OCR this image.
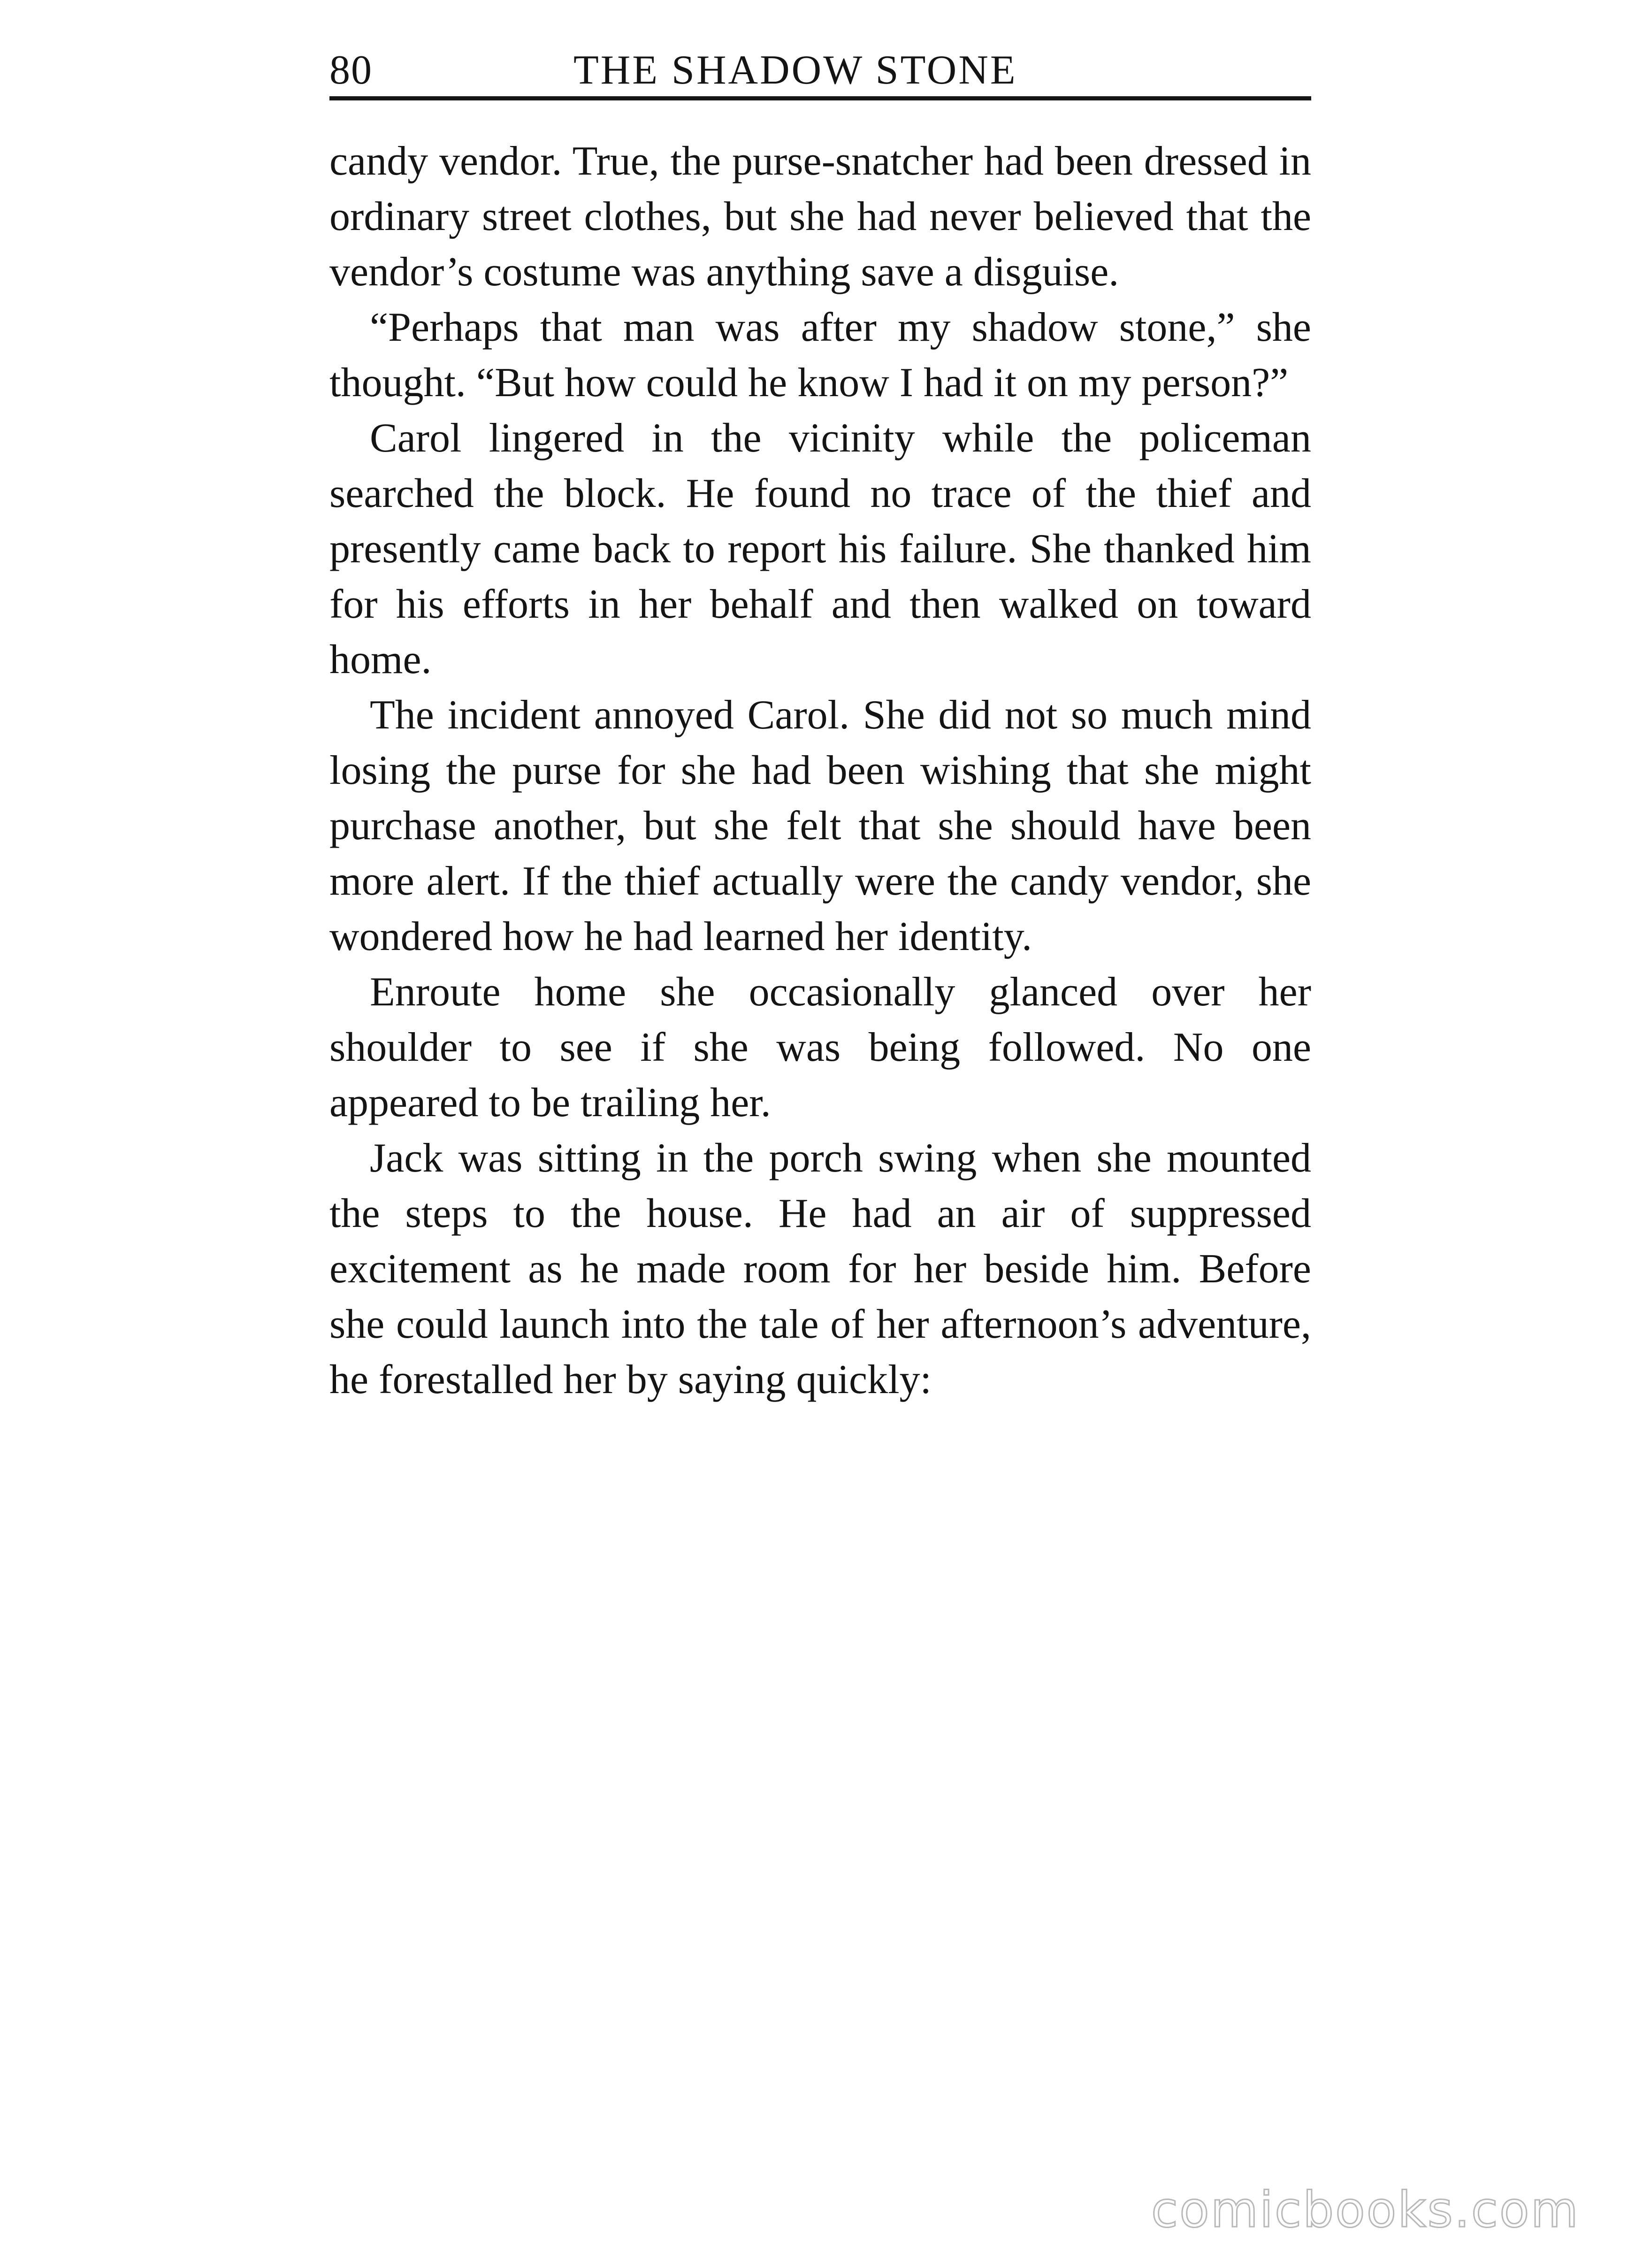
80	THE SHADOW STONE

candy vendor. True, the purse-snatcher had been dressed in ordinary street clothes, but she had never believed that the vendor’s costume was anything save a disguise.

“Perhaps that man was after my shadow stone,” she thought. “But how could he know I had it on my person?”

Carol lingered in the vicinity while the policeman searched the block. He found no trace of the thief and presently came back to report his failure. She thanked him for his efforts in her behalf and then walked on toward home.

The incident annoyed Carol. She did not so much mind losing the purse for she had been wishing that she might purchase another, but she felt that she should have been more alert. If the thief actually were the candy vendor, she wondered how he had learned her identity.

Enroute home she occasionally glanced over her shoulder to see if she was being followed. No one appeared to be trailing her.

Jack was sitting in the porch swing when she mounted the steps to the house. He had an air of suppressed excitement as he made room for her beside him. Before she could launch into the tale of her afternoon’s adventure, he forestalled her by saying quickly:

comicbooks.com
